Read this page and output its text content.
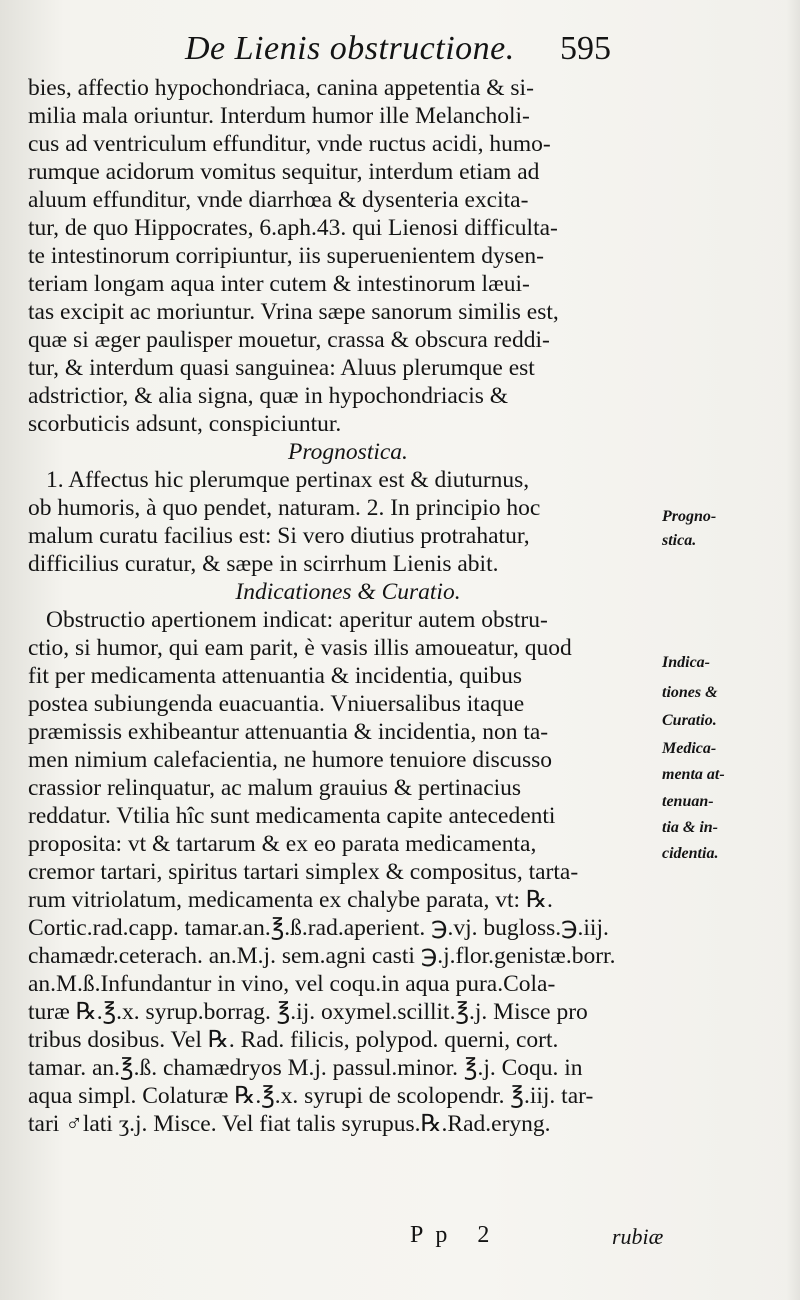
De Lienis obstructione. 595
bies, affectio hypochondriaca, canina appetentia & si-
milia mala oriuntur. Interdum humor ille Melancholi-
cus ad ventriculum effunditur, vnde ructus acidi, humo-
rumque acidorum vomitus sequitur, interdum etiam ad
aluum effunditur, vnde diarrhœa & dysenteria excita-
tur, de quo Hippocrates, 6.aph.43. qui Lienosi difficulta-
te intestinorum corripiuntur, iis superuenientem dysen-
teriam longam aqua inter cutem & intestinorum læui-
tas excipit ac moriuntur. Vrina sæpe sanorum similis est,
quæ si æger paulisper mouetur, crassa & obscura reddi-
tur, & interdum quasi sanguinea: Aluus plerumque est
adstrictior, & alia signa, quæ in hypochondriacis &
scorbuticis adsunt, conspiciuntur.
Prognostica.
1. Affectus hic plerumque pertinax est & diuturnus,
ob humoris, à quo pendet, naturam. 2. In principio hoc
malum curatu facilius est: Si vero diutius protrahatur,
difficilius curatur, & sæpe in scirrhum Lienis abit.
Indicationes & Curatio.
Obstructio apertionem indicat: aperitur autem obstru-
ctio, si humor, qui eam parit, è vasis illis amoueatur, quod
fit per medicamenta attenuantia & incidentia, quibus
postea subiungenda euacuantia. Vniuersalibus itaque
præmissis exhibeantur attenuantia & incidentia, non ta-
men nimium calefacientia, ne humore tenuiore discusso
crassior relinquatur, ac malum grauius & pertinacius
reddatur. Vtilia hîc sunt medicamenta capite antecedenti
proposita: vt & tartarum & ex eo parata medicamenta,
cremor tartari, spiritus tartari simplex & compositus, tarta-
rum vitriolatum, medicamenta ex chalybe parata, vt: ℞.
Cortic.rad.capp. tamar.an.℥.ß.rad.aperient. ℈.vj. bugloss.℈.iij.
chamædr.ceterach. an.M.j. sem.agni casti ℈.j.flor.genistæ.borr.
an.M.ß.Infundantur in vino, vel coqu.in aqua pura.Cola-
turæ ℞.℥.x. syrup.borrag. ℥.ij. oxymel.scillit.℥.j. Misce pro
tribus dosibus. Vel ℞. Rad. filicis, polypod. querni, cort.
tamar. an.℥.ß. chamædryos M.j. passul.minor. ℥.j. Coqu. in
aqua simpl. Colaturæ ℞.℥.x. syrupi de scolopendr. ℥.iij. tar-
tari ♂lati ʒ.j. Misce. Vel fiat talis syrupus.℞.Rad.eryng.
Progno-
stica.
Indica-
tiones &
Curatio.
Medica-
menta at-
tenuan-
tia & in-
cidentia.
Pp 2	rubiæ
